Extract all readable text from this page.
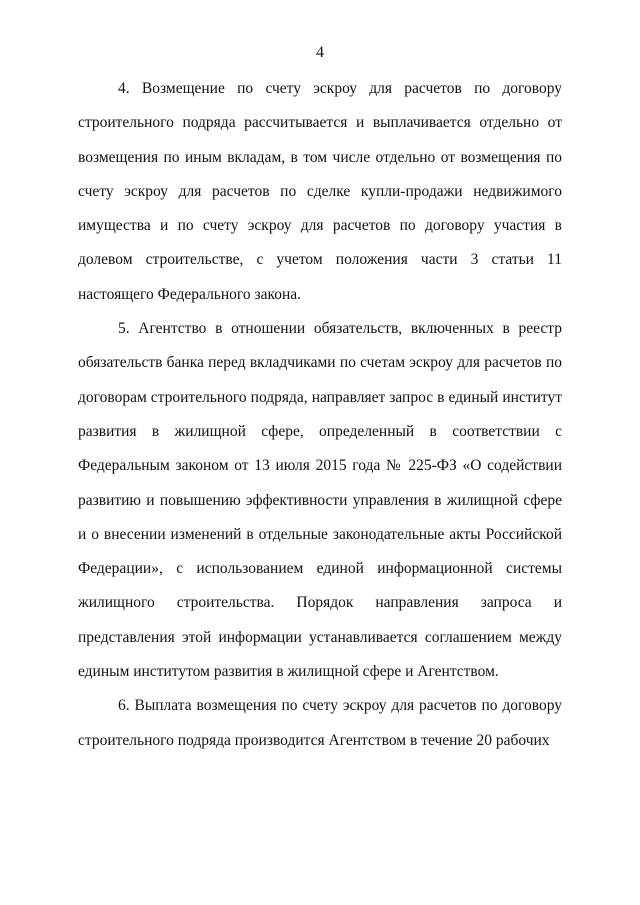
4

4. Возмещение по счету эскроу для расчетов по договору строительного подряда рассчитывается и выплачивается отдельно от возмещения по иным вкладам, в том числе отдельно от возмещения по счету эскроу для расчетов по сделке купли-продажи недвижимого имущества и по счету эскроу для расчетов по договору участия в долевом строительстве, с учетом положения части 3 статьи 11 настоящего Федерального закона.

5. Агентство в отношении обязательств, включенных в реестр обязательств банка перед вкладчиками по счетам эскроу для расчетов по договорам строительного подряда, направляет запрос в единый институт развития в жилищной сфере, определенный в соответствии с Федеральным законом от 13 июля 2015 года № 225-ФЗ «О содействии развитию и повышению эффективности управления в жилищной сфере и о внесении изменений в отдельные законодательные акты Российской Федерации», с использованием единой информационной системы жилищного строительства. Порядок направления запроса и представления этой информации устанавливается соглашением между единым институтом развития в жилищной сфере и Агентством.

6. Выплата возмещения по счету эскроу для расчетов по договору строительного подряда производится Агентством в течение 20 рабочих
